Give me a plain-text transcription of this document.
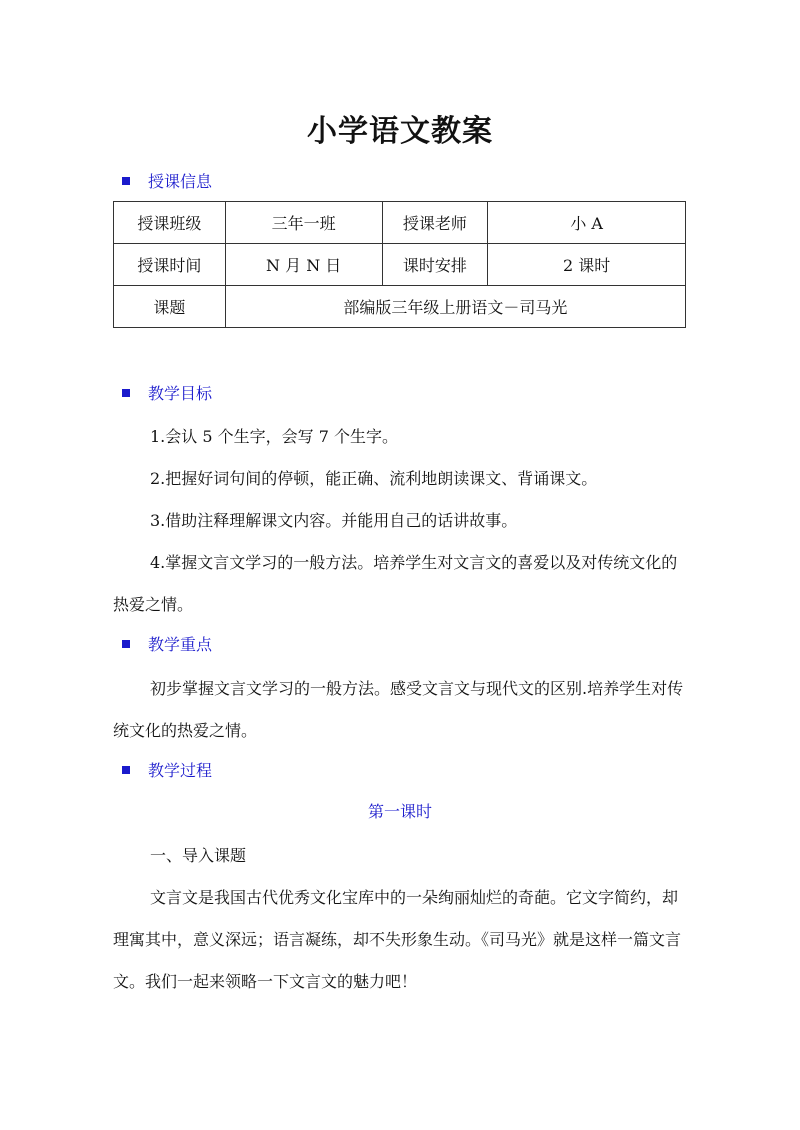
小学语文教案
授课信息
授课班级	三年一班	授课老师	小 A
授课时间	N 月 N 日	课时安排	2 课时
课题	部编版三年级上册语文－司马光		
教学目标

1.会认 5 个生字，会写 7 个生字。

2.把握好词句间的停顿，能正确、流利地朗读课文、背诵课文。

3.借助注释理解课文内容。并能用自己的话讲故事。

4.掌握文言文学习的一般方法。培养学生对文言文的喜爱以及对传统文化的热爱之情。

教学重点

初步掌握文言文学习的一般方法。感受文言文与现代文的区别.培养学生对传统文化的热爱之情。

教学过程
第一课时

一、导入课题

文言文是我国古代优秀文化宝库中的一朵绚丽灿烂的奇葩。它文字简约，却理寓其中，意义深远；语言凝练，却不失形象生动。《司马光》就是这样一篇文言文。我们一起来领略一下文言文的魅力吧！
